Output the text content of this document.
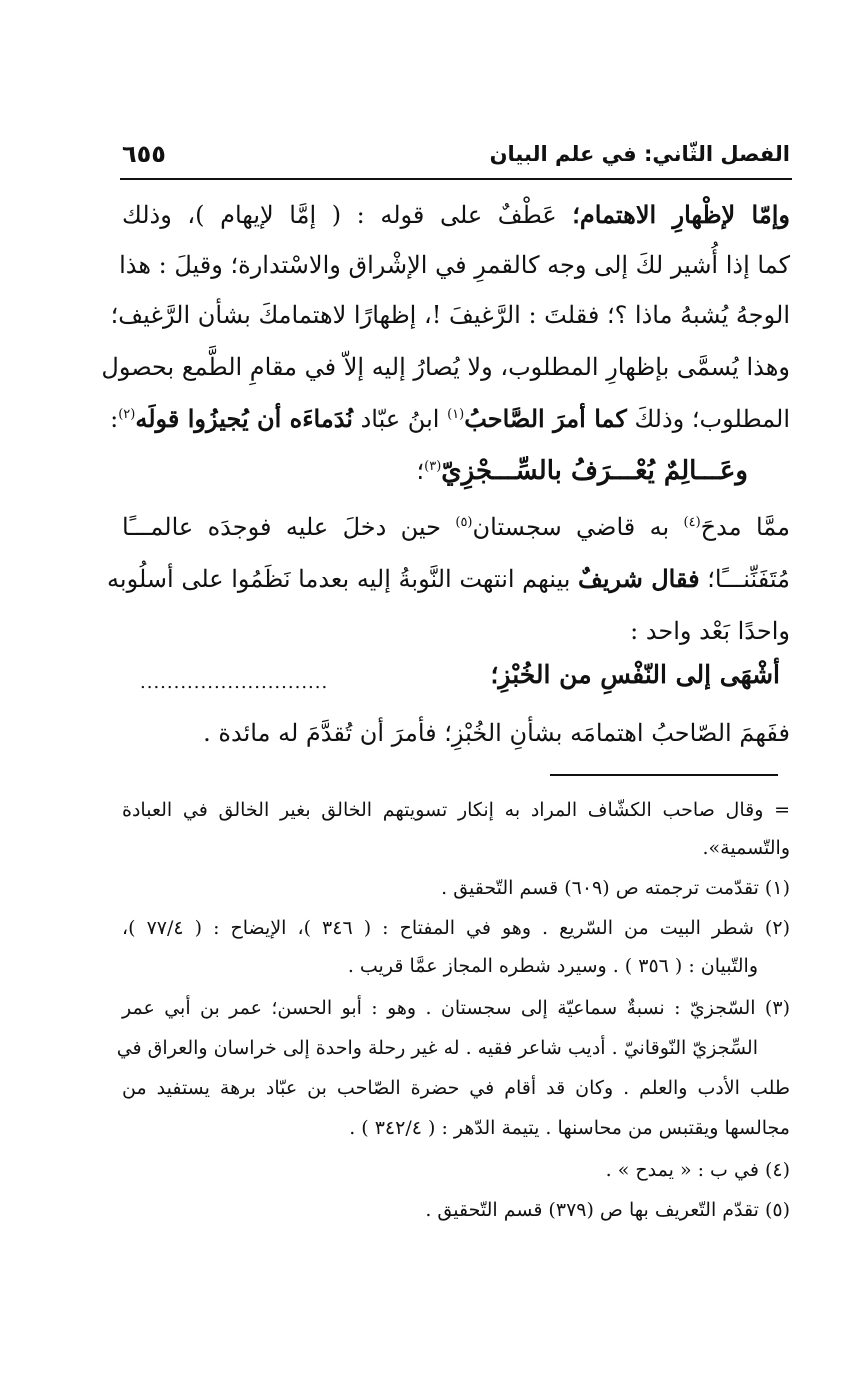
الفصل الثّاني: في علم البيان
٦٥٥
وإمّا لإظْهارِ الاهتمام؛ عَطْفٌ على قوله : ( إمَّا لإيهام )، وذلك
كما إذا أُشير لكَ إلى وجه كالقمرِ في الإشْراق والاسْتدارة؛ وقيلَ : هذا
الوجهُ يُشبهُ ماذا ؟؛ فقلتَ : الرَّغيفَ !، إظهارًا لاهتمامكَ بشأن الرَّغيف؛
وهذا يُسمَّى بإظهارِ المطلوب، ولا يُصارُ إليه إلاّ في مقامِ الطَّمع بحصول
المطلوب؛ وذلكَ كما أمرَ الصَّاحبُ$^{(١)}$ ابنُ عبّاد نُدَماءَه أن يُجيزُوا قولَه$^{(٢)}$:
وعَـــالِمٌ يُعْـــرَفُ بالسِّـــجْزِيّ$^{(٣)}$؛
ممَّا مدحَ$^{(٤)}$ به قاضي سجستان$^{(٥)}$ حين دخلَ عليه فوجدَه عالمـــًا
مُتَفَنِّنـــًا؛ فقال شريفٌ بينهم انتهت النَّوبةُ إليه بعدما نَظَمُوا على أسلُوبه
واحدًا بَعْد واحد :
أشْهَى إلى النّفْسِ من الخُبْزِ؛
............................
ففَهمَ الصّاحبُ اهتمامَه بشأنِ الخُبْزِ؛ فأمرَ أن تُقدَّمَ له مائدة .
= وقال صاحب الكشّاف المراد به إنكار تسويتهم الخالق بغير الخالق في العبادة
والتّسمية».
(١) تقدّمت ترجمته ص (٦٠٩) قسم التّحقيق .
(٢) شطر البيت من السّريع . وهو في المفتاح : ( ٣٤٦ )، الإيضاح : ( ٧٧/٤ )،
والتّبيان : ( ٣٥٦ ) . وسيرد شطره المجاز عمَّا قريب .
(٣) السّجزيّ : نسبةٌ سماعيّة إلى سجستان . وهو : أبو الحسن؛ عمر بن أبي عمر
السِّجزيّ النّوقانيّ . أديب شاعر فقيه . له غير رحلة واحدة إلى خراسان والعراق في
طلب الأدب والعلم . وكان قد أقام في حضرة الصّاحب بن عبّاد برهة يستفيد من
مجالسها ويقتبس من محاسنها . يتيمة الدّهر : ( ٣٤٢/٤ ) .
(٤) في ب : « يمدح » .
(٥) تقدّم التّعريف بها ص (٣٧٩) قسم التّحقيق .
